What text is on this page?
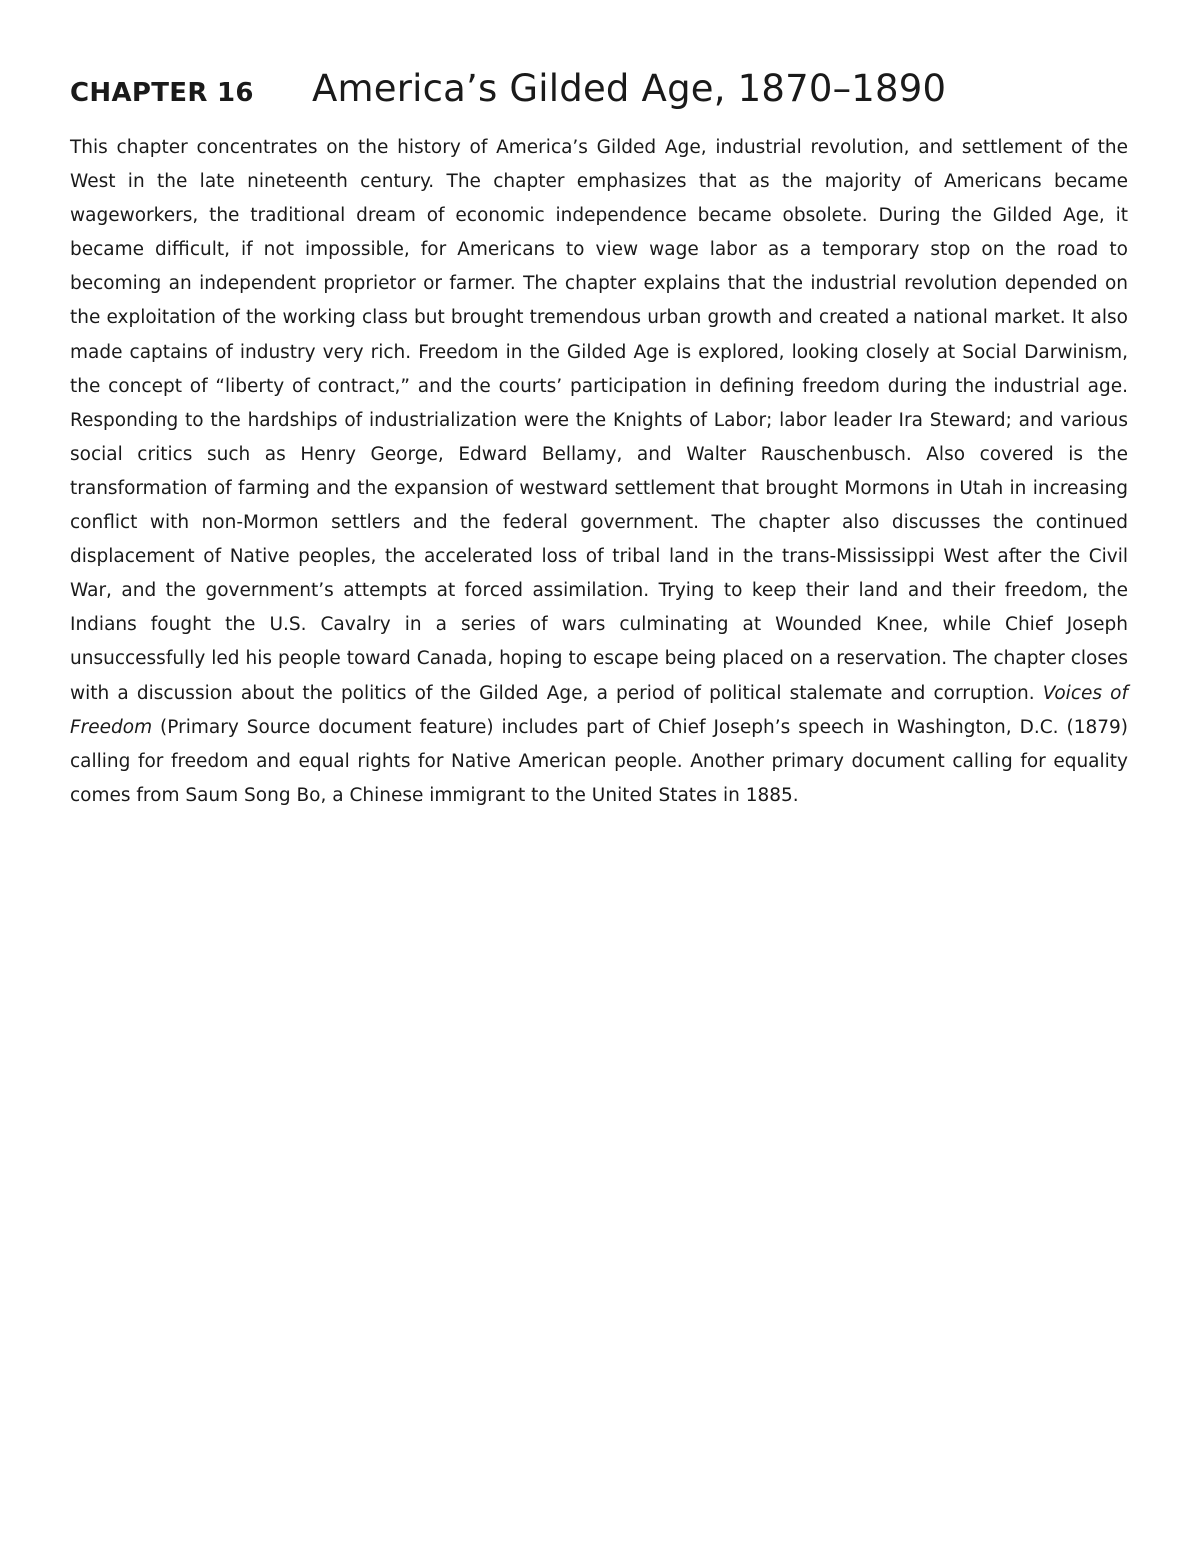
CHAPTER 16	America’s Gilded Age, 1870–1890

This chapter concentrates on the history of America’s Gilded Age, industrial revolution, and settlement of the West in the late nineteenth century. The chapter emphasizes that as the majority of Americans became wageworkers, the traditional dream of economic independence became obsolete. During the Gilded Age, it became difficult, if not impossible, for Americans to view wage labor as a temporary stop on the road to becoming an independent proprietor or farmer. The chapter explains that the industrial revolution depended on the exploitation of the working class but brought tremendous urban growth and created a national market. It also made captains of industry very rich. Freedom in the Gilded Age is explored, looking closely at Social Darwinism, the concept of “liberty of contract,” and the courts’ participation in defining freedom during the industrial age. Responding to the hardships of industrialization were the Knights of Labor; labor leader Ira Steward; and various social critics such as Henry George, Edward Bellamy, and Walter Rauschenbusch. Also covered is the transformation of farming and the expansion of westward settlement that brought Mormons in Utah in increasing conflict with non-Mormon settlers and the federal government. The chapter also discusses the continued displacement of Native peoples, the accelerated loss of tribal land in the trans-Mississippi West after the Civil War, and the government’s attempts at forced assimilation. Trying to keep their land and their freedom, the Indians fought the U.S. Cavalry in a series of wars culminating at Wounded Knee, while Chief Joseph unsuccessfully led his people toward Canada, hoping to escape being placed on a reservation. The chapter closes with a discussion about the politics of the Gilded Age, a period of political stalemate and corruption. Voices of Freedom (Primary Source document feature) includes part of Chief Joseph’s speech in Washington, D.C. (1879) calling for freedom and equal rights for Native American people. Another primary document calling for equality comes from Saum Song Bo, a Chinese immigrant to the United States in 1885.
